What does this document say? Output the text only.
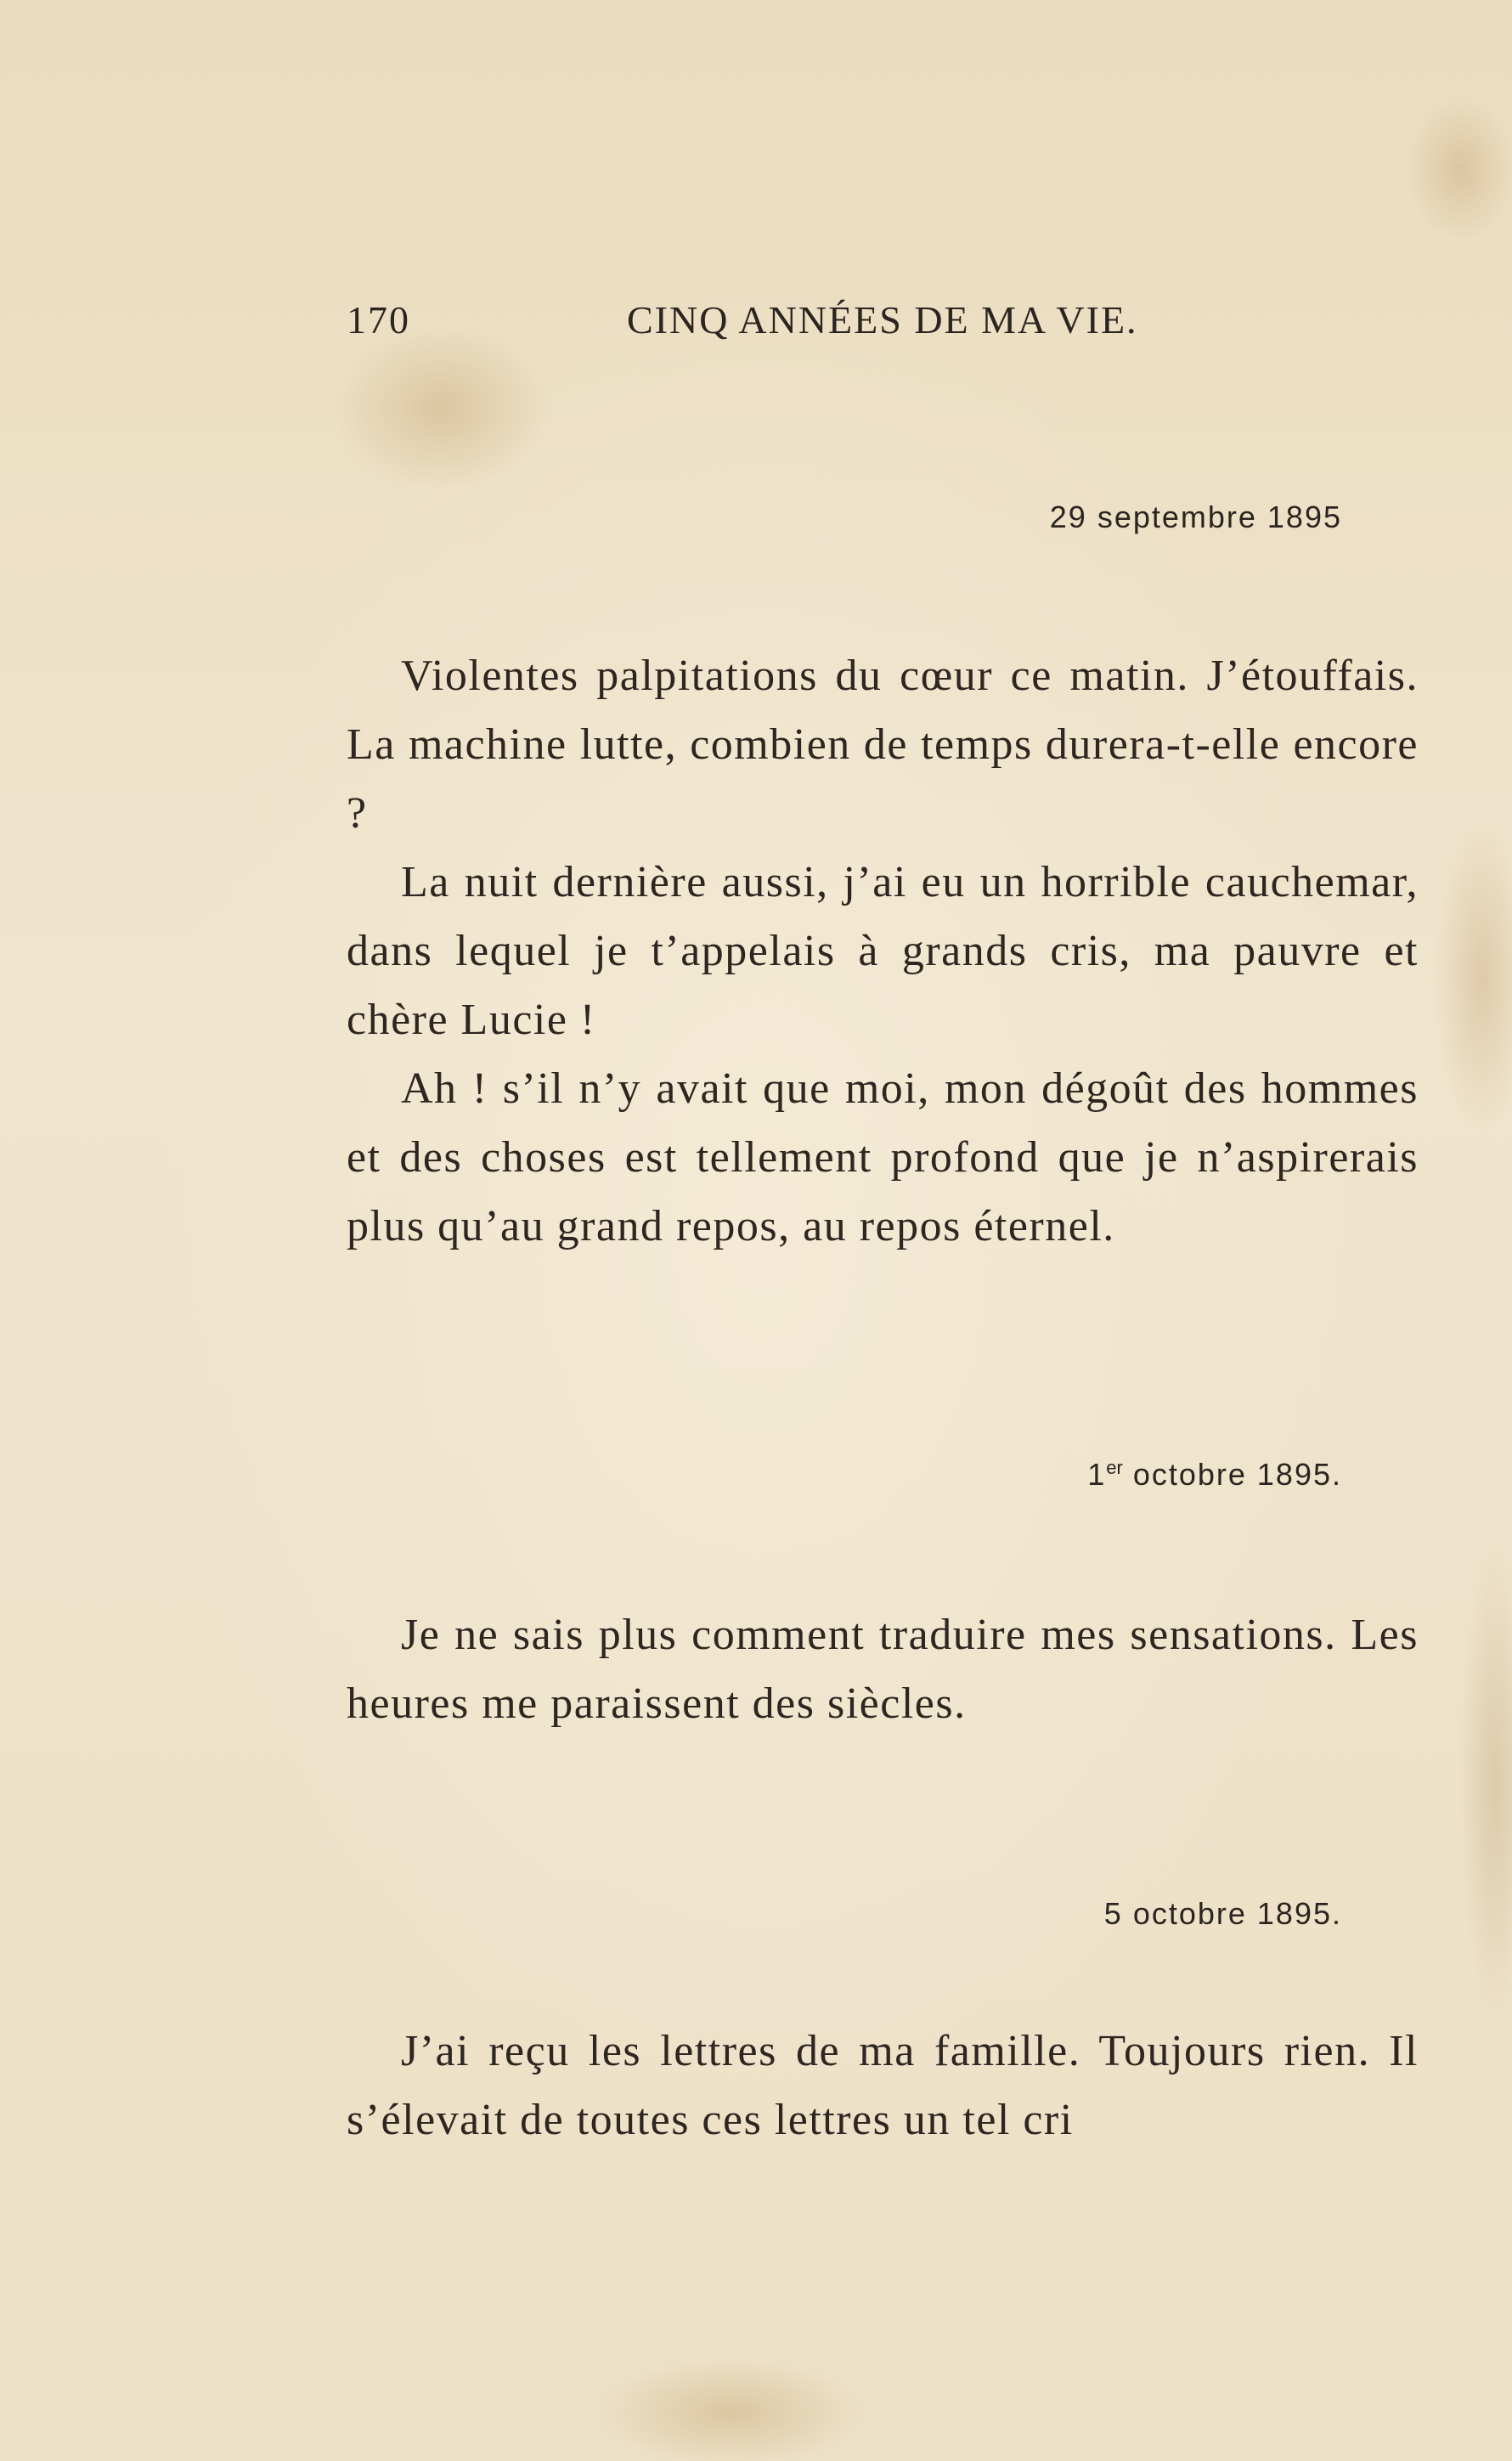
170	CINQ ANNÉES DE MA VIE.
29 septembre 1895

Violentes palpitations du cœur ce matin. J’étouffais. La machine lutte, combien de temps durera-t-elle encore ?

La nuit dernière aussi, j’ai eu un horrible cauchemar, dans lequel je t’appelais à grands cris, ma pauvre et chère Lucie !

Ah ! s’il n’y avait que moi, mon dégoût des hommes et des choses est tellement profond que je n’aspirerais plus qu’au grand repos, au repos éternel.

1er octobre 1895.

Je ne sais plus comment traduire mes sensations. Les heures me paraissent des siècles.

5 octobre 1895.

J’ai reçu les lettres de ma famille. Toujours rien. Il s’élevait de toutes ces lettres un tel cri
